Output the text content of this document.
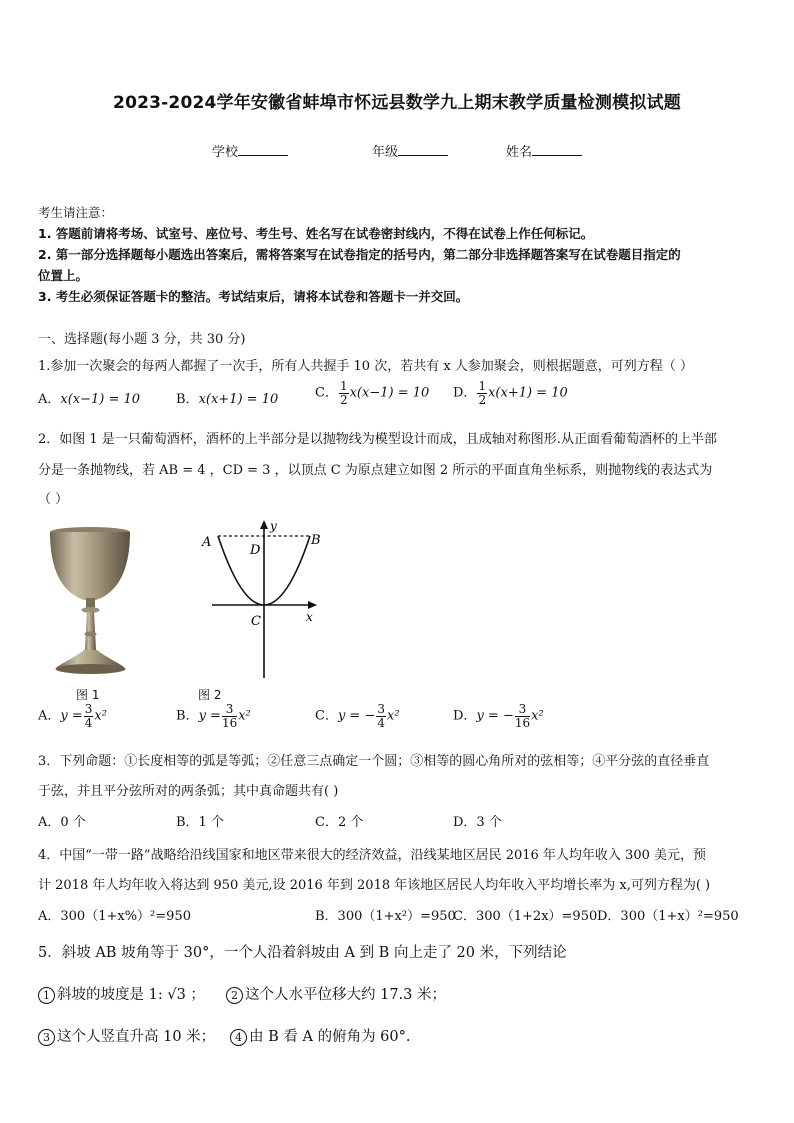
2023-2024学年安徽省蚌埠市怀远县数学九上期末教学质量检测模拟试题
学校	年级	姓名
考生请注意：
1. 答题前请将考场、试室号、座位号、考生号、姓名写在试卷密封线内，不得在试卷上作任何标记。
2. 第一部分选择题每小题选出答案后，需将答案写在试卷指定的括号内，第二部分非选择题答案写在试卷题目指定的
位置上。
3. 考生必须保证答题卡的整洁。考试结束后，请将本试卷和答题卡一并交回。
一、选择题(每小题 3 分，共 30 分)
1.参加一次聚会的每两人都握了一次手，所有人共握手 10 次，若共有 x 人参加聚会，则根据题意，可列方程（ ）
A．x(x−1) = 10	B．x(x+1) = 10	C． $\frac{1}{2} x(x-1) = 10$ D． $\frac{1}{2} x(x+1) = 10$
2．如图 1 是一只葡萄酒杯，酒杯的上半部分是以抛物线为模型设计而成，且成轴对称图形.从正面看葡萄酒杯的上半部
分是一条抛物线，若 AB = 4 ，CD = 3 ，以顶点 C 为原点建立如图 2 所示的平面直角坐标系，则抛物线的表达式为
（ ）
A	B
D
C
y
x
图 1	图 2
A．$y = \frac{3}{4} x^2$	B．$y = \frac{3}{16} x^2$	C．y = − $\frac{3}{4} x^2$	D．y = − $\frac{3}{16} x^2$
3．下列命题：①长度相等的弧是等弧；②任意三点确定一个圆；③相等的圆心角所对的弦相等；④平分弦的直径垂直
于弦，并且平分弦所对的两条弧；其中真命题共有( )
A．0 个	B．1 个	C．2 个	D．3 个
4．中国“一带一路”战略给沿线国家和地区带来很大的经济效益，沿线某地区居民 2016 年人均年收入 300 美元，预
计 2018 年人均年收入将达到 950 美元,设 2016 年到 2018 年该地区居民人均年收入平均增长率为 x,可列方程为( )
A．300（1+x%）²=950	B．300（1+x²）=950
C．300（1+2x）=950 D．300（1+x）²=950
5．斜坡 AB 坡角等于 30°，一个人沿着斜坡由 A 到 B 向上走了 20 米，下列结论
1 斜坡的坡度是 1: √3 ；	2 这个人水平位移大约 17.3 米；
3 这个人竖直升高 10 米；	4 由 B 看 A 的俯角为 60°.
